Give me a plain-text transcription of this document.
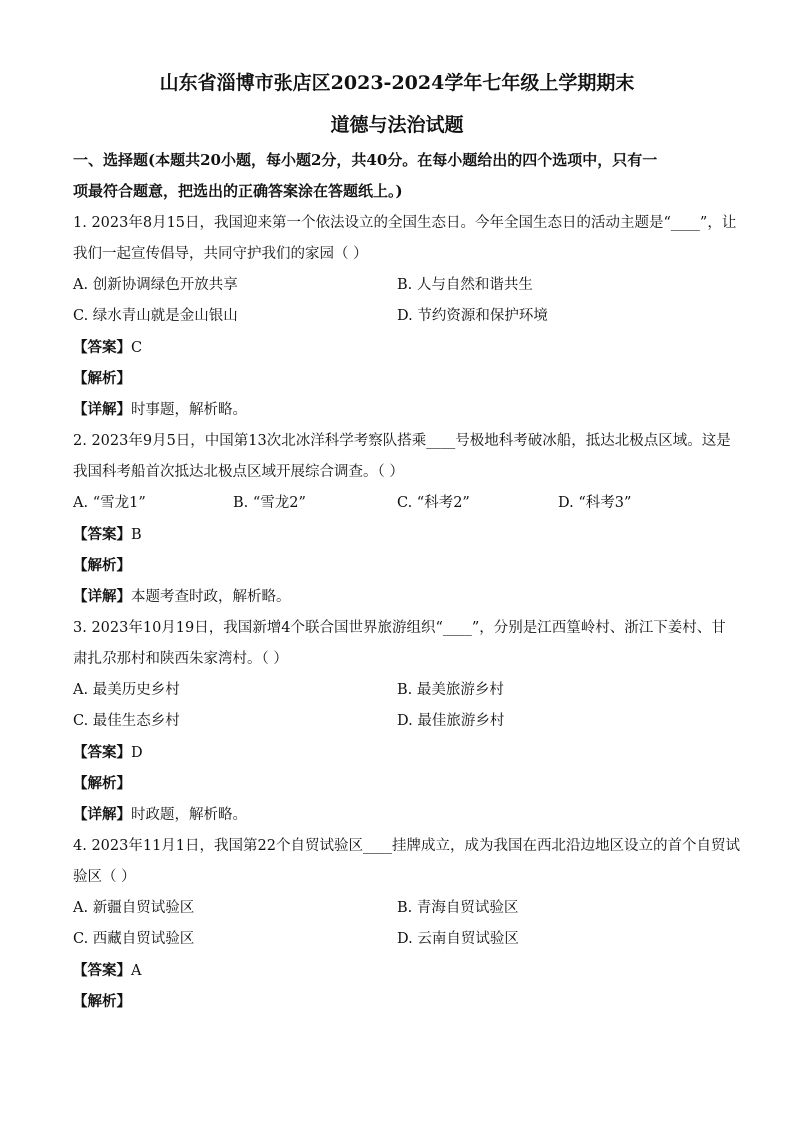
山东省淄博市张店区2023-2024学年七年级上学期期末
道德与法治试题
一、选择题(本题共20小题，每小题2分，共40分。在每小题给出的四个选项中，只有一
项最符合题意，把选出的正确答案涂在答题纸上。)
1. 2023年8月15日，我国迎来第一个依法设立的全国生态日。今年全国生态日的活动主题是“____”，让
我们一起宣传倡导，共同守护我们的家园（ ）
A. 创新协调绿色开放共享	B. 人与自然和谐共生
C. 绿水青山就是金山银山	D. 节约资源和保护环境
【答案】C
【解析】
【详解】时事题，解析略。
2. 2023年9月5日，中国第13次北冰洋科学考察队搭乘____号极地科考破冰船，抵达北极点区域。这是
我国科考船首次抵达北极点区域开展综合调查。（ ）
A. “雪龙1”	B. “雪龙2”	C. “科考2”	D. “科考3”
【答案】B
【解析】
【详解】本题考查时政，解析略。
3. 2023年10月19日，我国新增4个联合国世界旅游组织“____”，分别是江西篁岭村、浙江下姜村、甘
肃扎尕那村和陕西朱家湾村。（ ）
A. 最美历史乡村	B. 最美旅游乡村
C. 最佳生态乡村	D. 最佳旅游乡村
【答案】D
【解析】
【详解】时政题，解析略。
4. 2023年11月1日，我国第22个自贸试验区____挂牌成立，成为我国在西北沿边地区设立的首个自贸试
验区（ ）
A. 新疆自贸试验区	B. 青海自贸试验区
C. 西藏自贸试验区	D. 云南自贸试验区
【答案】A
【解析】
